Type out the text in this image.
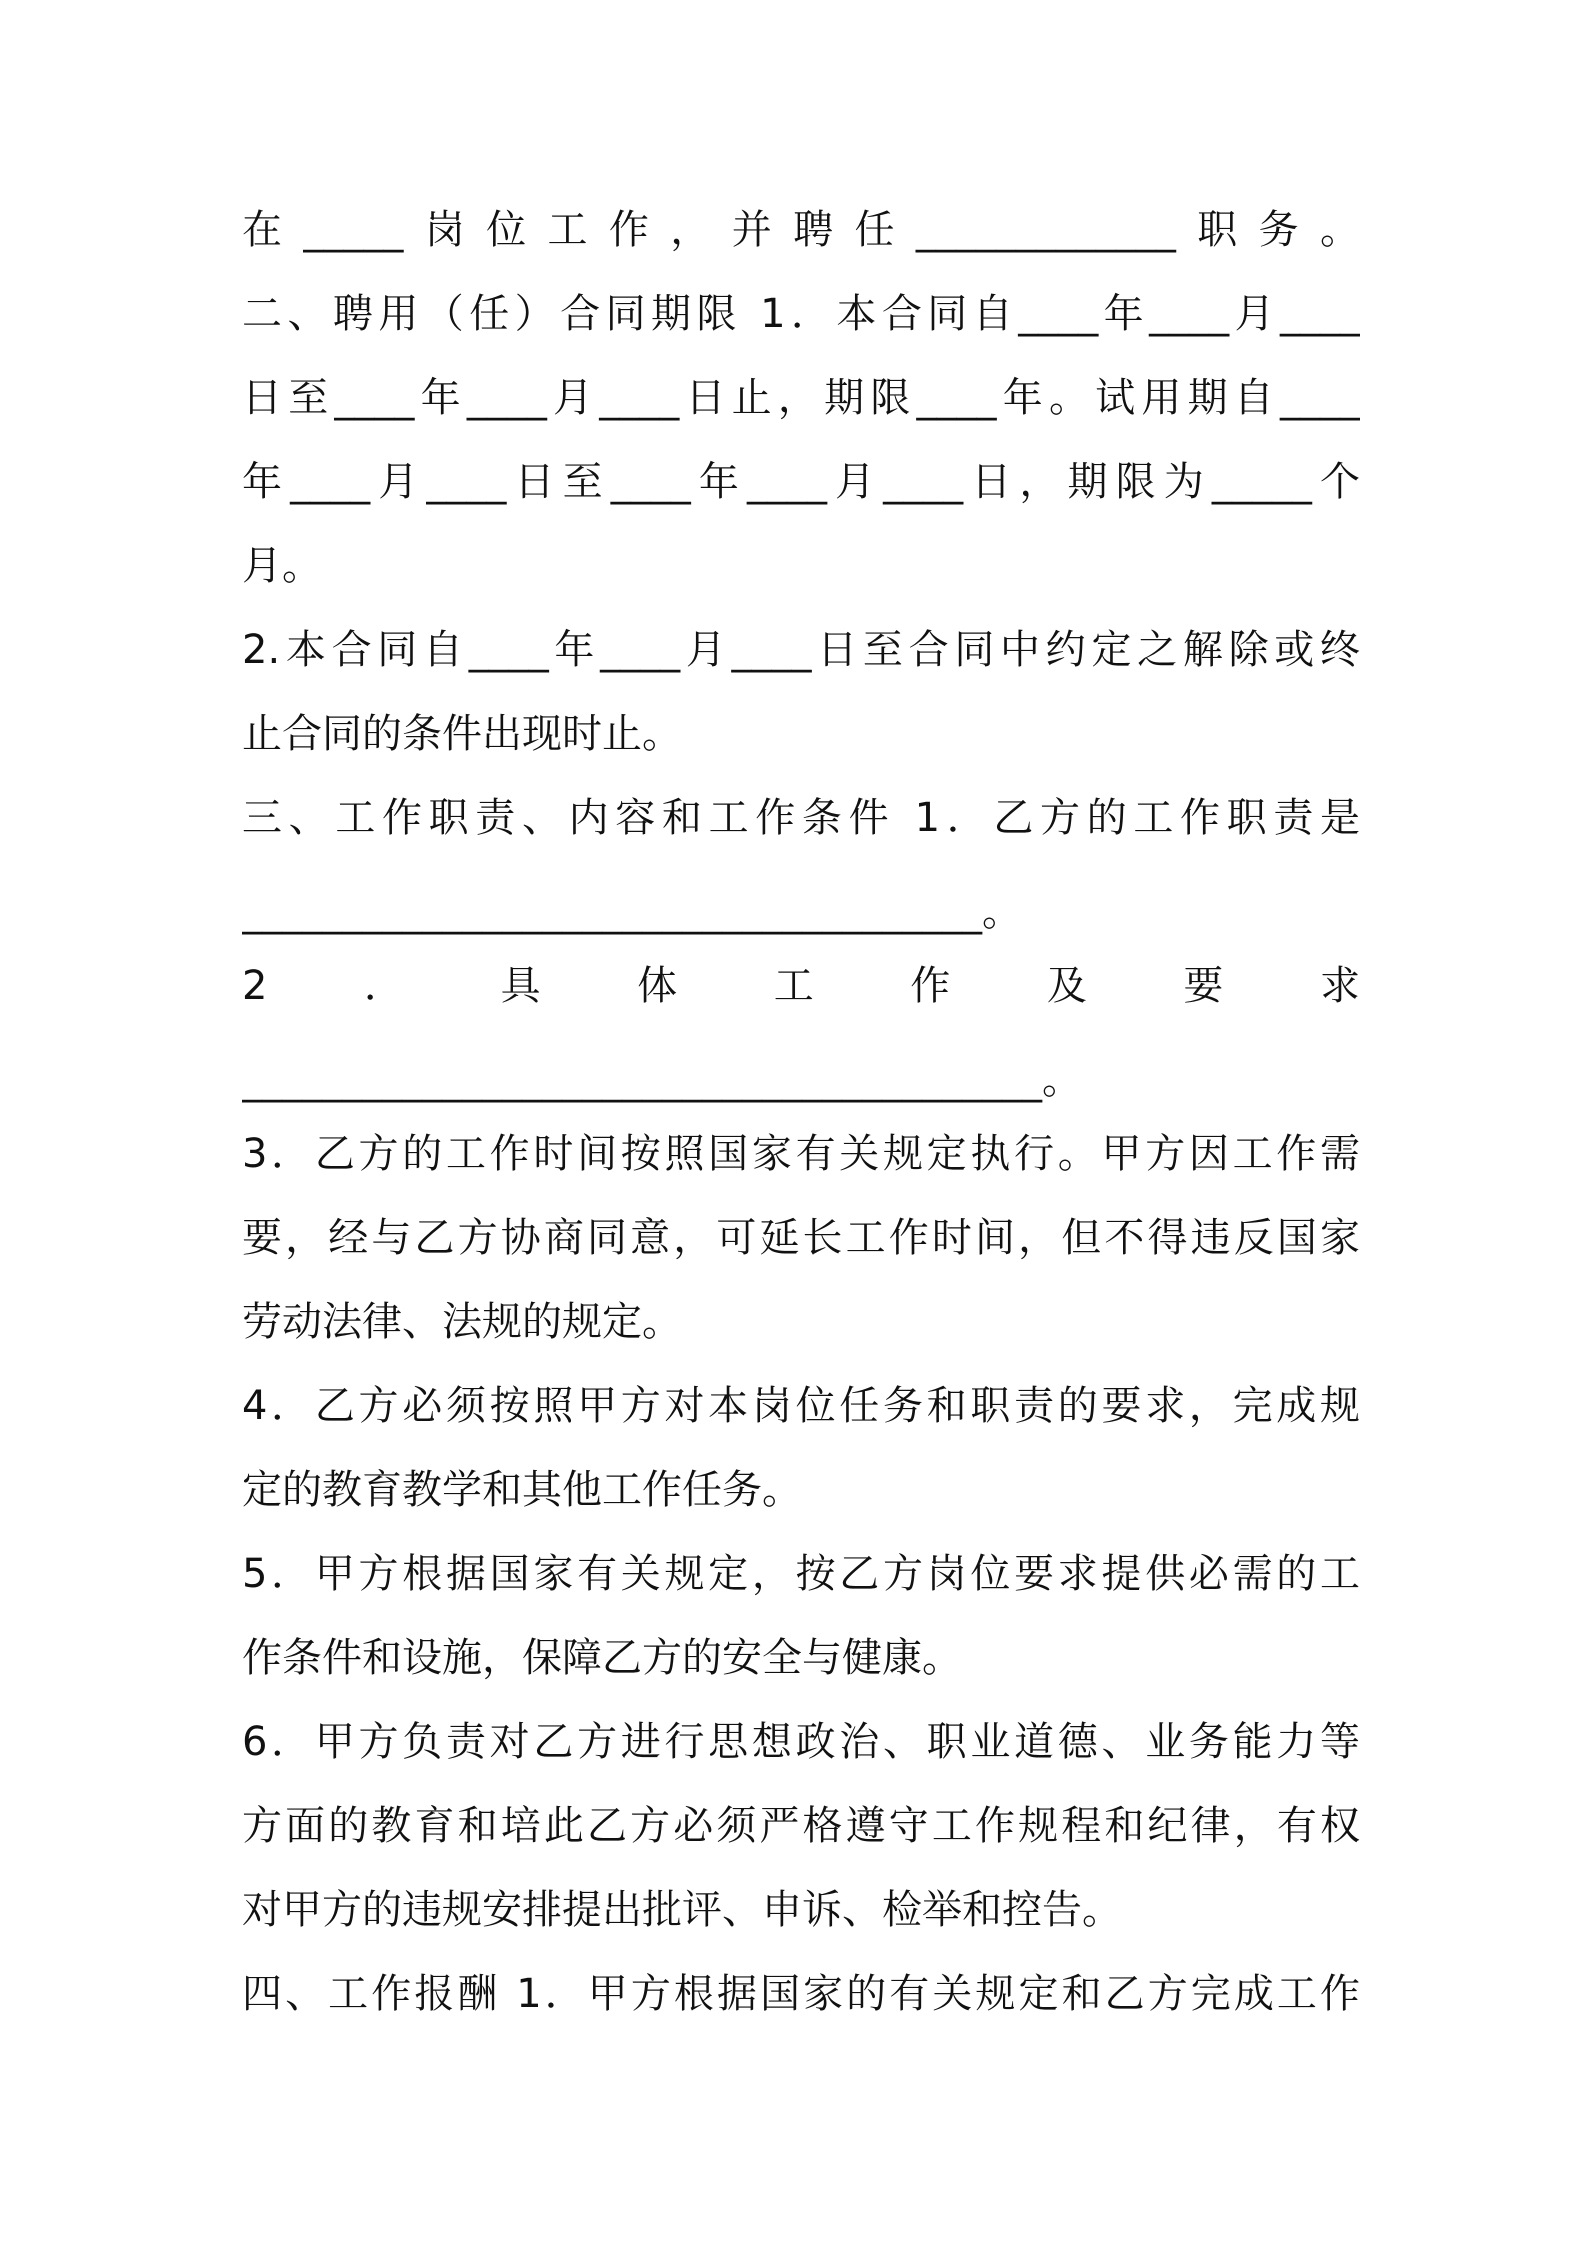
在_____岗位工作，并聘任_____________职务。
二、聘用（任）合同期限 1．本合同自____年____月____
日至____年____月____日止，期限____年。试用期自____
年____月____日至____年____月____日，期限为_____个
月。
2.本合同自____年____月____日至合同中约定之解除或终
止合同的条件出现时止。
三、工作职责、内容和工作条件 1．乙方的工作职责是
_____________________________________。
2．具体工作及要求
________________________________________。
3．乙方的工作时间按照国家有关规定执行。甲方因工作需
要，经与乙方协商同意，可延长工作时间，但不得违反国家
劳动法律、法规的规定。
4．乙方必须按照甲方对本岗位任务和职责的要求，完成规
定的教育教学和其他工作任务。
5．甲方根据国家有关规定，按乙方岗位要求提供必需的工
作条件和设施，保障乙方的安全与健康。
6．甲方负责对乙方进行思想政治、职业道德、业务能力等
方面的教育和培此乙方必须严格遵守工作规程和纪律，有权
对甲方的违规安排提出批评、申诉、检举和控告。
四、工作报酬 1．甲方根据国家的有关规定和乙方完成工作
